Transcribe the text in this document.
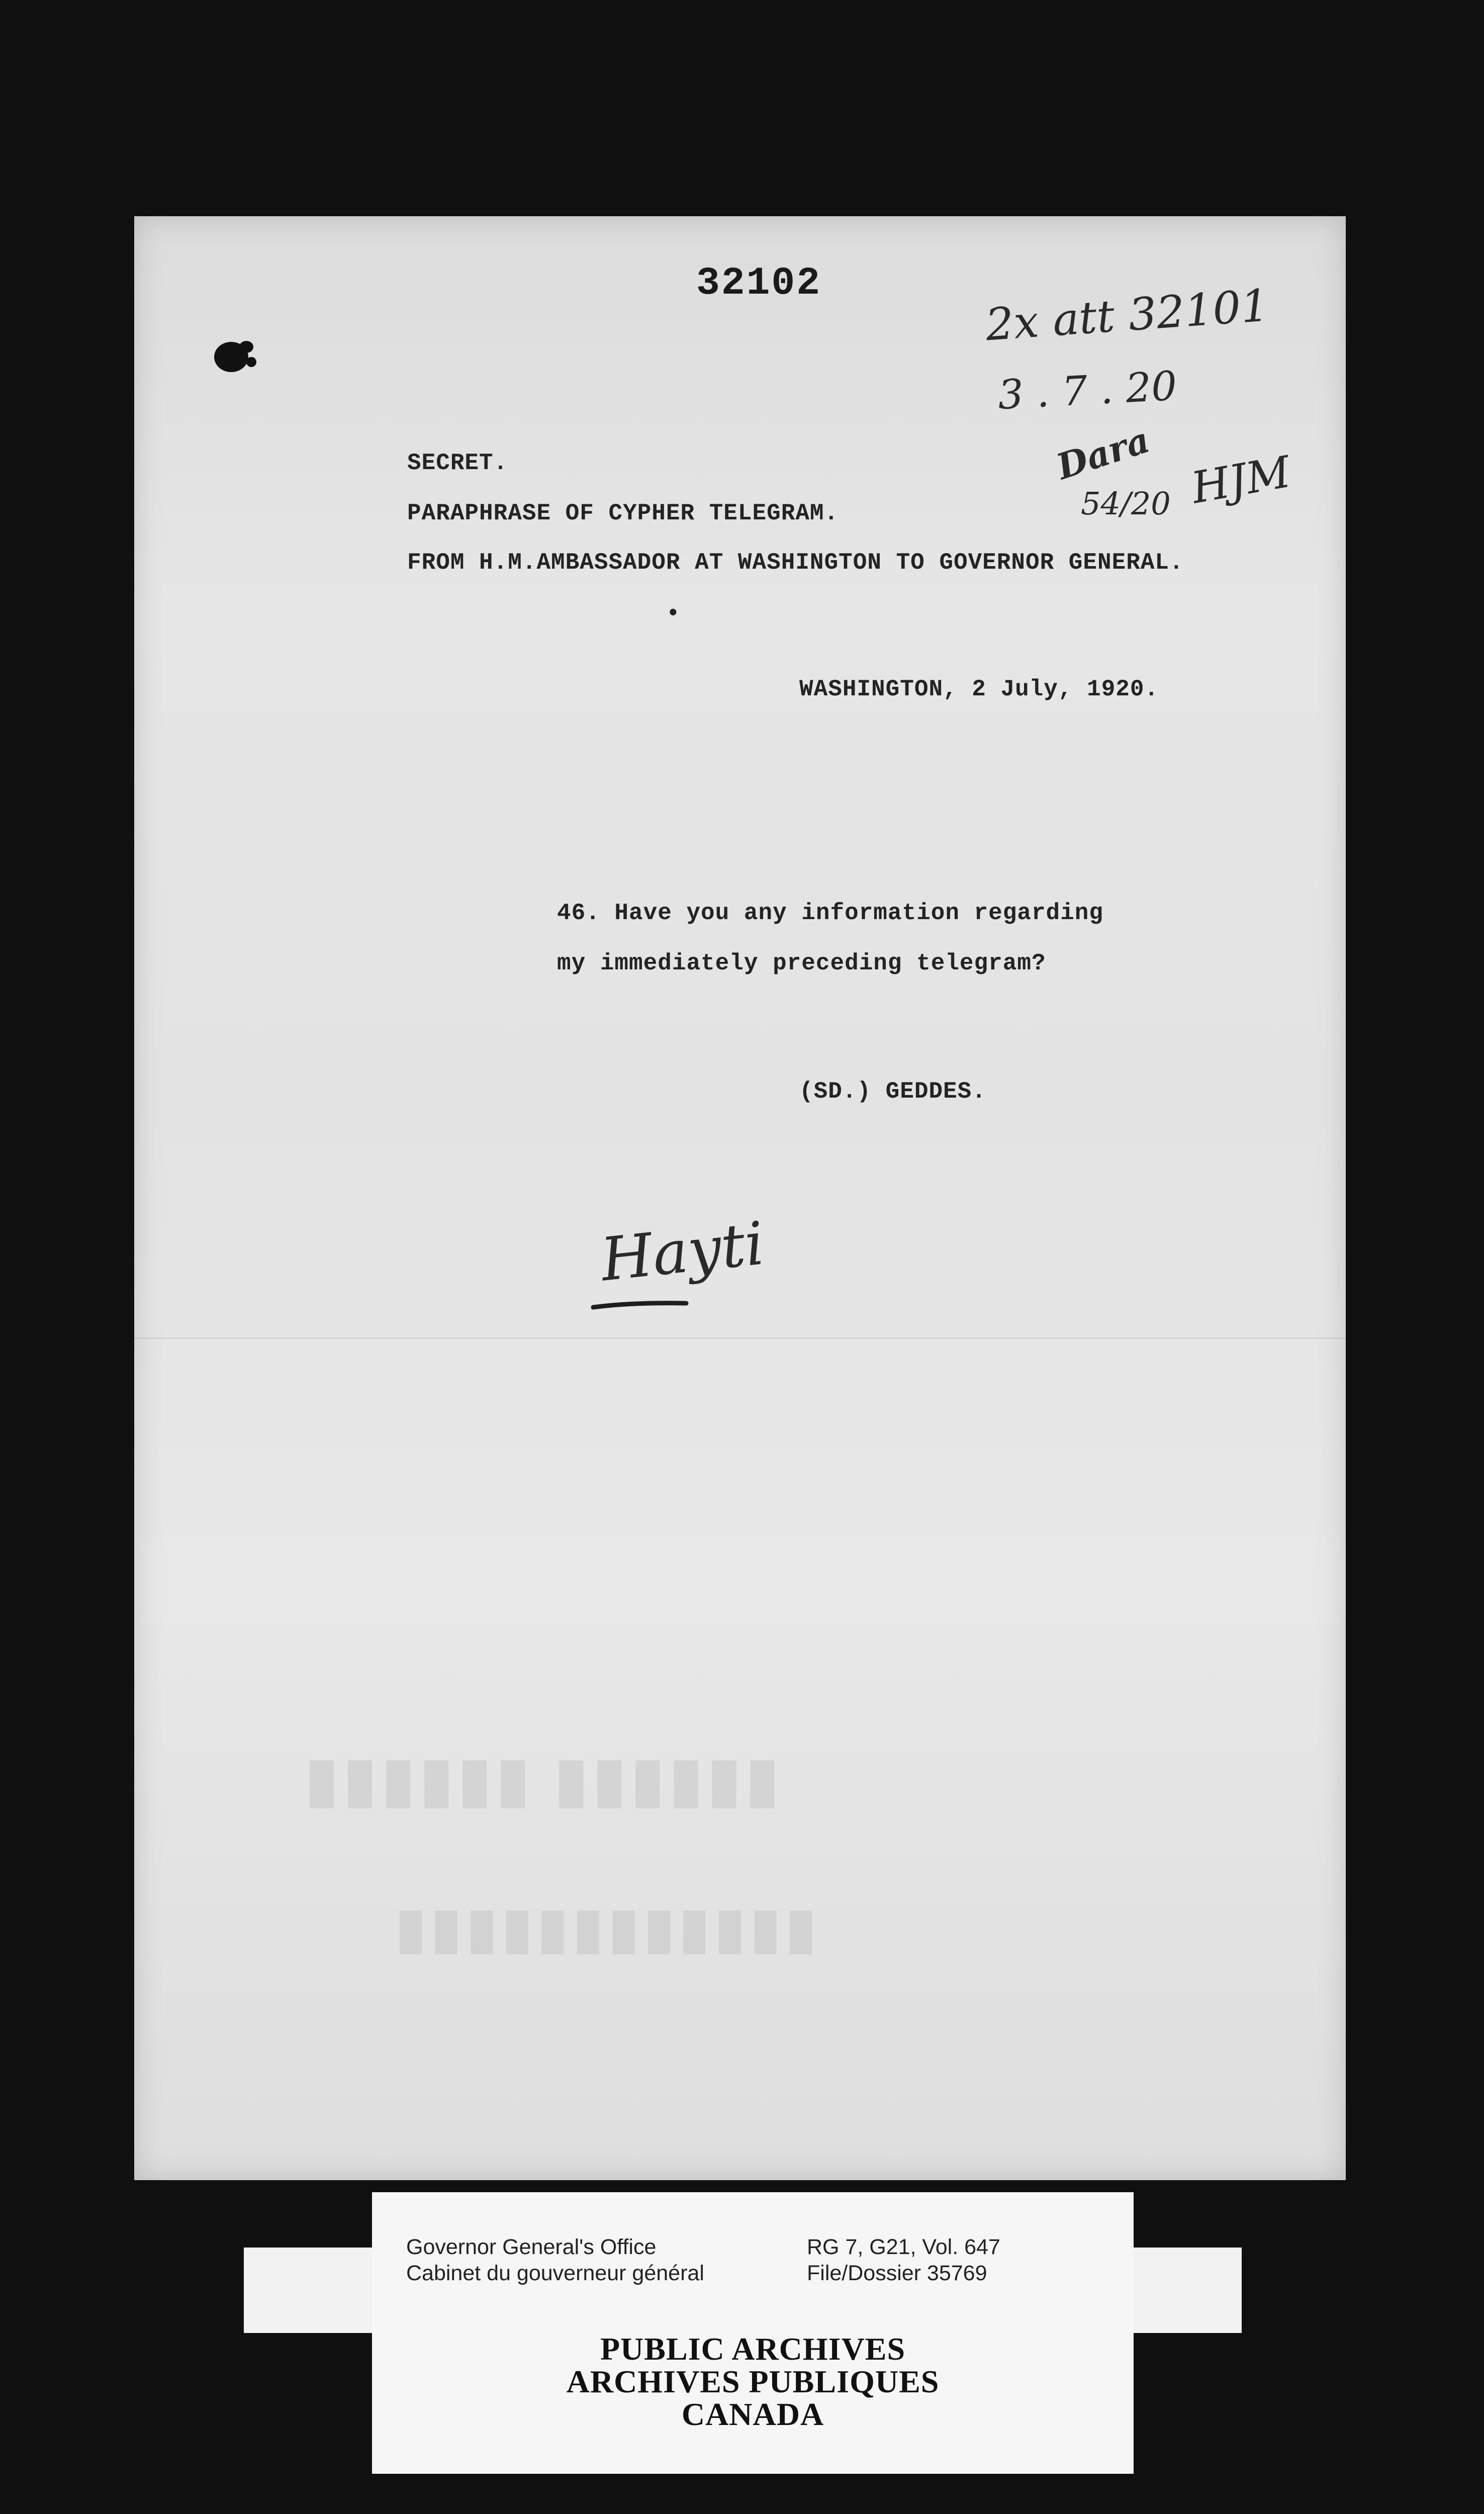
▮▮▮▮▮▮ ▮▮▮▮▮▮
▮▮▮▮▮▮▮▮▮▮▮▮
32102
SECRET.
PARAPHRASE OF CYPHER TELEGRAM.
FROM H.M.AMBASSADOR AT WASHINGTON TO GOVERNOR GENERAL.
•
WASHINGTON, 2 July, 1920.
46. Have you any information regarding
my immediately preceding telegram?
(SD.) GEDDES.
2x att 32101
3 . 7 . 20
Dara
54/20 HJM
Hayti
Governor General's Office
Cabinet du gouverneur général
RG 7, G21, Vol. 647
File/Dossier 35769
PUBLIC ARCHIVES
ARCHIVES PUBLIQUES
CANADA
